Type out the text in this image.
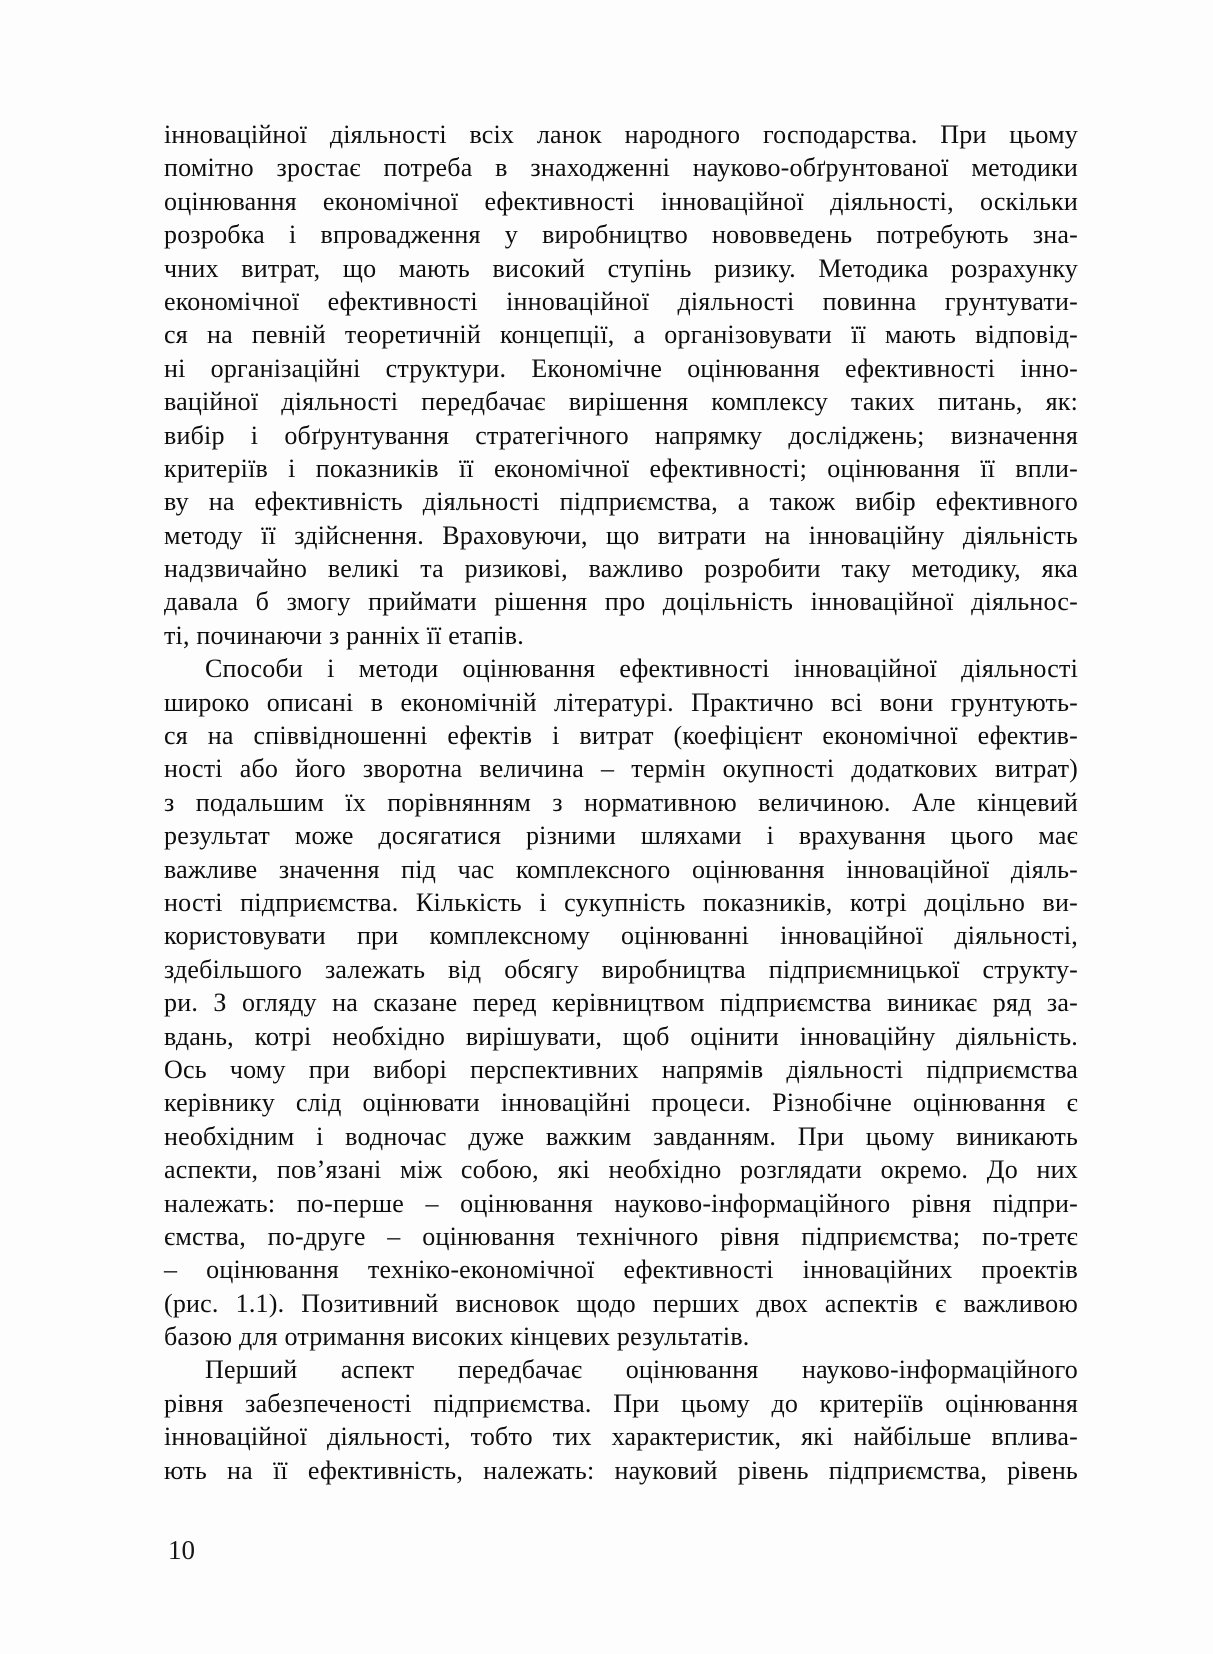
інноваційної діяльності всіх ланок народного господарства. При цьому
помітно зростає потреба в знаходженні науково-обґрунтованої методики
оцінювання економічної ефективності інноваційної діяльності, оскільки
розробка і впровадження у виробництво нововведень потребують зна-
чних витрат, що мають високий ступінь ризику. Методика розрахунку
економічної ефективності інноваційної діяльності повинна грунтувати-
ся на певній теоретичній концепції, а організовувати її мають відповід-
ні організаційні структури. Економічне оцінювання ефективності інно-
ваційної діяльності передбачає вирішення комплексу таких питань, як:
вибір і обґрунтування стратегічного напрямку досліджень; визначення
критеріїв і показників її економічної ефективності; оцінювання її впли-
ву на ефективність діяльності підприємства, а також вибір ефективного
методу її здійснення. Враховуючи, що витрати на інноваційну діяльність
надзвичайно великі та ризикові, важливо розробити таку методику, яка
давала б змогу приймати рішення про доцільність інноваційної діяльнос-
ті, починаючи з ранніх її етапів.
Способи і методи оцінювання ефективності інноваційної діяльності
широко описані в економічній літературі. Практично всі вони грунтують-
ся на співвідношенні ефектів і витрат (коефіцієнт економічної ефектив-
ності або його зворотна величина – термін окупності додаткових витрат)
з подальшим їх порівнянням з нормативною величиною. Але кінцевий
результат може досягатися різними шляхами і врахування цього має
важливе значення під час комплексного оцінювання інноваційної діяль-
ності підприємства. Кількість і сукупність показників, котрі доцільно ви-
користовувати при комплексному оцінюванні інноваційної діяльності,
здебільшого залежать від обсягу виробництва підприємницької структу-
ри. З огляду на сказане перед керівництвом підприємства виникає ряд за-
вдань, котрі необхідно вирішувати, щоб оцінити інноваційну діяльність.
Ось чому при виборі перспективних напрямів діяльності підприємства
керівнику слід оцінювати інноваційні процеси. Різнобічне оцінювання є
необхідним і водночас дуже важким завданням. При цьому виникають
аспекти, пов’язані між собою, які необхідно розглядати окремо. До них
належать: по-перше – оцінювання науково-інформаційного рівня підпри-
ємства, по-друге – оцінювання технічного рівня підприємства; по-третє
– оцінювання техніко-економічної ефективності інноваційних проектів
(рис. 1.1). Позитивний висновок щодо перших двох аспектів є важливою
базою для отримання високих кінцевих результатів.
Перший аспект передбачає оцінювання науково-інформаційного
рівня забезпеченості підприємства. При цьому до критеріїв оцінювання
інноваційної діяльності, тобто тих характеристик, які найбільше вплива-
ють на її ефективність, належать: науковий рівень підприємства, рівень
10
